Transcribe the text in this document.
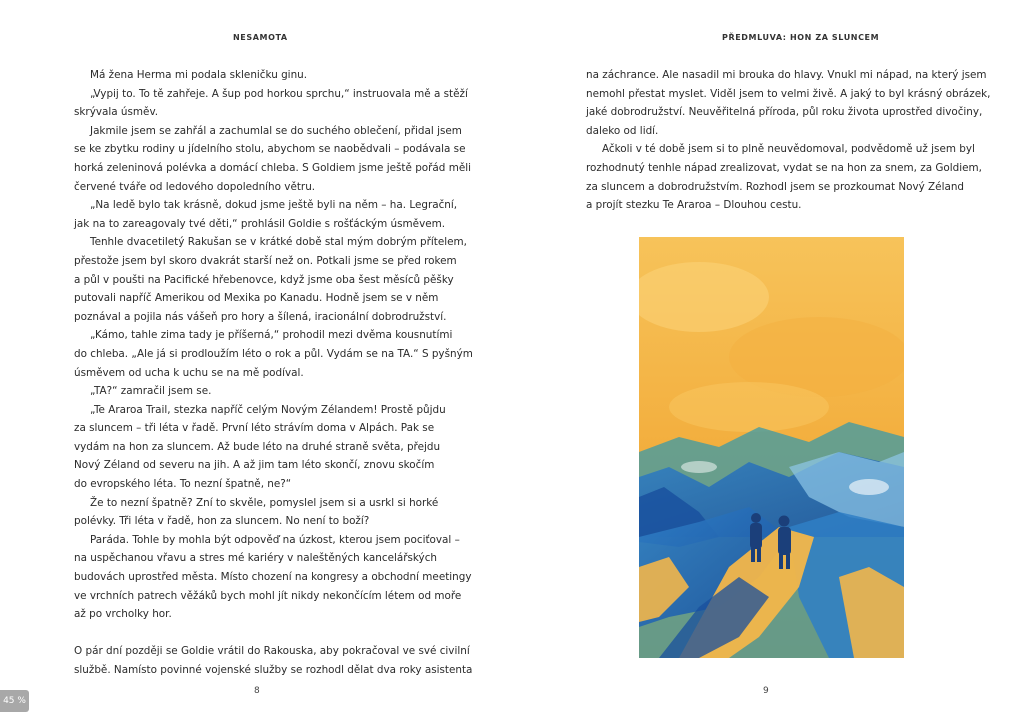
NESAMOTA	PŘEDMLUVA: HON ZA SLUNCEM
Má žena Herma mi podala skleničku ginu.
„Vypij to. To tě zahřeje. A šup pod horkou sprchu,“ instruovala mě a stěží
skrývala úsměv.
Jakmile jsem se zahřál a zachumlal se do suchého oblečení, přidal jsem
se ke zbytku rodiny u jídelního stolu, abychom se naobědvali – podávala se
horká zeleninová polévka a domácí chleba. S Goldiem jsme ještě pořád měli
červené tváře od ledového dopoledního větru.
„Na ledě bylo tak krásně, dokud jsme ještě byli na něm – ha. Legrační,
jak na to zareagovaly tvé děti,“ prohlásil Goldie s rošťáckým úsměvem.
Tenhle dvacetiletý Rakušan se v krátké době stal mým dobrým přítelem,
přestože jsem byl skoro dvakrát starší než on. Potkali jsme se před rokem
a půl v poušti na Pacifické hřebenovce, když jsme oba šest měsíců pěšky
putovali napříč Amerikou od Mexika po Kanadu. Hodně jsem se v něm
poznával a pojila nás vášeň pro hory a šílená, iracionální dobrodružství.
„Kámo, tahle zima tady je příšerná,“ prohodil mezi dvěma kousnutími
do chleba. „Ale já si prodloužím léto o rok a půl. Vydám se na TA.“ S pyšným
úsměvem od ucha k uchu se na mě podíval.
„TA?“ zamračil jsem se.
„Te Araroa Trail, stezka napříč celým Novým Zélandem! Prostě půjdu
za sluncem – tři léta v řadě. První léto strávím doma v Alpách. Pak se
vydám na hon za sluncem. Až bude léto na druhé straně světa, přejdu
Nový Zéland od severu na jih. A až jim tam léto skončí, znovu skočím
do evropského léta. To nezní špatně, ne?“
Že to nezní špatně? Zní to skvěle, pomyslel jsem si a usrkl si horké
polévky. Tři léta v řadě, hon za sluncem. No není to boží?
Paráda. Tohle by mohla být odpověď na úzkost, kterou jsem pociťoval –
na uspěchanou vřavu a stres mé kariéry v naleštěných kancelářských
budovách uprostřed města. Místo chození na kongresy a obchodní meetingy
ve vrchních patrech věžáků bych mohl jít nikdy nekončícím létem od moře
až po vrcholky hor.
O pár dní později se Goldie vrátil do Rakouska, aby pokračoval ve své civilní
službě. Namísto povinné vojenské služby se rozhodl dělat dva roky asistenta
na záchrance. Ale nasadil mi brouka do hlavy. Vnukl mi nápad, na který jsem
nemohl přestat myslet. Viděl jsem to velmi živě. A jaký to byl krásný obrázek,
jaké dobrodružství. Neuvěřitelná příroda, půl roku života uprostřed divočiny,
daleko od lidí.
Ačkoli v té době jsem si to plně neuvědomoval, podvědomě už jsem byl
rozhodnutý tenhle nápad zrealizovat, vydat se na hon za snem, za Goldiem,
za sluncem a dobrodružstvím. Rozhodl jsem se prozkoumat Nový Zéland
a projít stezku Te Araroa – Dlouhou cestu.
8	9
45 %
